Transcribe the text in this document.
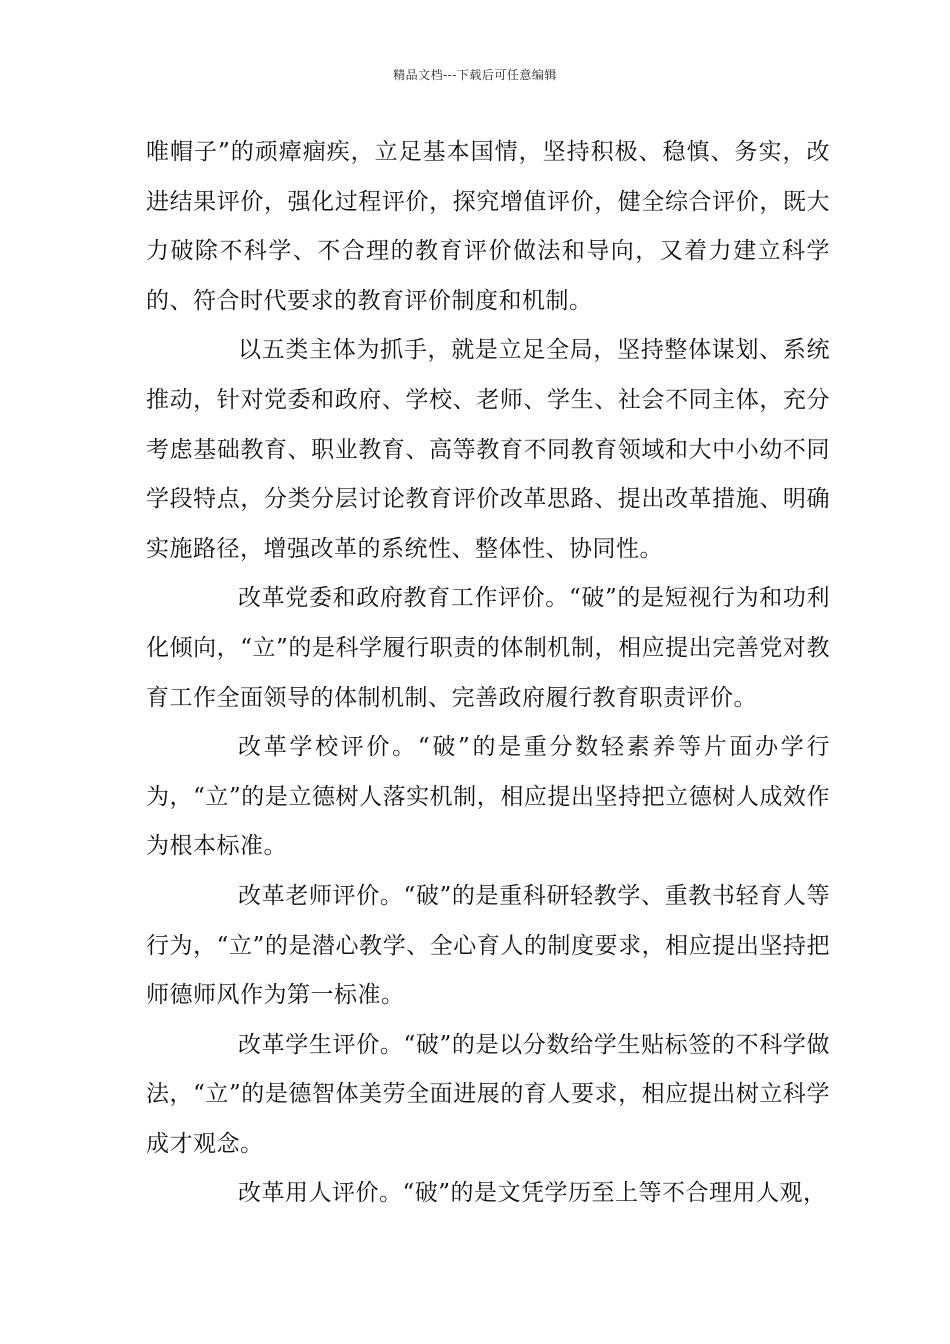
精品文档---下载后可任意编辑

唯帽子”的顽瘴痼疾，立足基本国情，坚持积极、稳慎、务实，改进结果评价，强化过程评价，探究增值评价，健全综合评价，既大力破除不科学、不合理的教育评价做法和导向，又着力建立科学的、符合时代要求的教育评价制度和机制。

以五类主体为抓手，就是立足全局，坚持整体谋划、系统推动，针对党委和政府、学校、老师、学生、社会不同主体，充分考虑基础教育、职业教育、高等教育不同教育领域和大中小幼不同学段特点，分类分层讨论教育评价改革思路、提出改革措施、明确实施路径，增强改革的系统性、整体性、协同性。

改革党委和政府教育工作评价。“破”的是短视行为和功利化倾向，“立”的是科学履行职责的体制机制，相应提出完善党对教育工作全面领导的体制机制、完善政府履行教育职责评价。

改革学校评价。“破”的是重分数轻素养等片面办学行为，“立”的是立德树人落实机制，相应提出坚持把立德树人成效作为根本标准。

改革老师评价。“破”的是重科研轻教学、重教书轻育人等行为，“立”的是潜心教学、全心育人的制度要求，相应提出坚持把师德师风作为第一标准。

改革学生评价。“破”的是以分数给学生贴标签的不科学做法，“立”的是德智体美劳全面进展的育人要求，相应提出树立科学成才观念。

改革用人评价。“破”的是文凭学历至上等不合理用人观，
